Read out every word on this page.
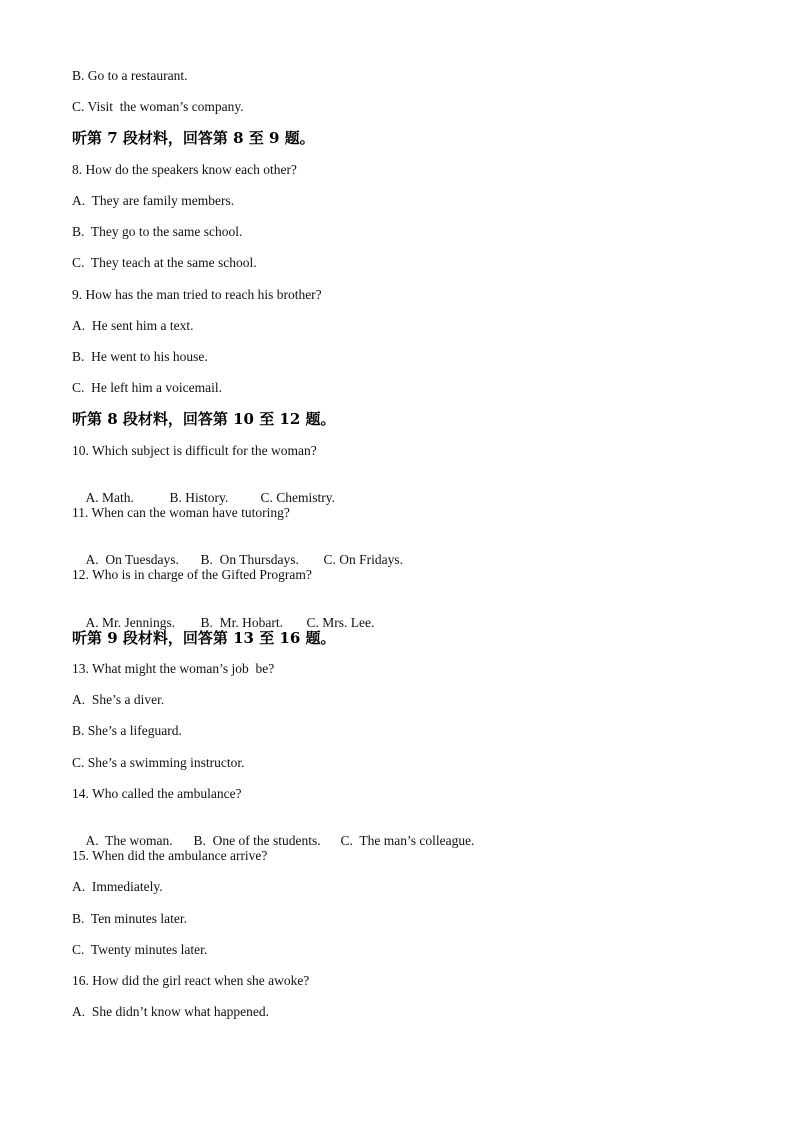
B. Go to a restaurant.

C. Visit  the woman’s company.

听第 7 段材料，回答第 8 至 9 题。

8. How do the speakers know each other?

A.  They are family members.

B.  They go to the same school.

C.  They teach at the same school.

9. How has the man tried to reach his brother?

A.  He sent him a text.

B.  He went to his house.

C.  He left him a voicemail.

听第 8 段材料，回答第 10 至 12 题。

10. Which subject is difficult for the woman?

A. Math.	B. History. C. Chemistry.

11. When can the woman have tutoring?

A.  On Tuesdays. B.  On Thursdays. C. On Fridays.

12. Who is in charge of the Gifted Program?

A. Mr. Jennings. B.  Mr. Hobart. C. Mrs. Lee.

听第 9 段材料，回答第 13 至 16 题。

13. What might the woman’s job  be?

A.  She’s a diver.

B. She’s a lifeguard.

C. She’s a swimming instructor.

14. Who called the ambulance?

A.  The woman. B.  One of the students. C.  The man’s colleague.

15. When did the ambulance arrive?

A.  Immediately.

B.  Ten minutes later.

C.  Twenty minutes later.

16. How did the girl react when she awoke?

A.  She didn’t know what happened.
